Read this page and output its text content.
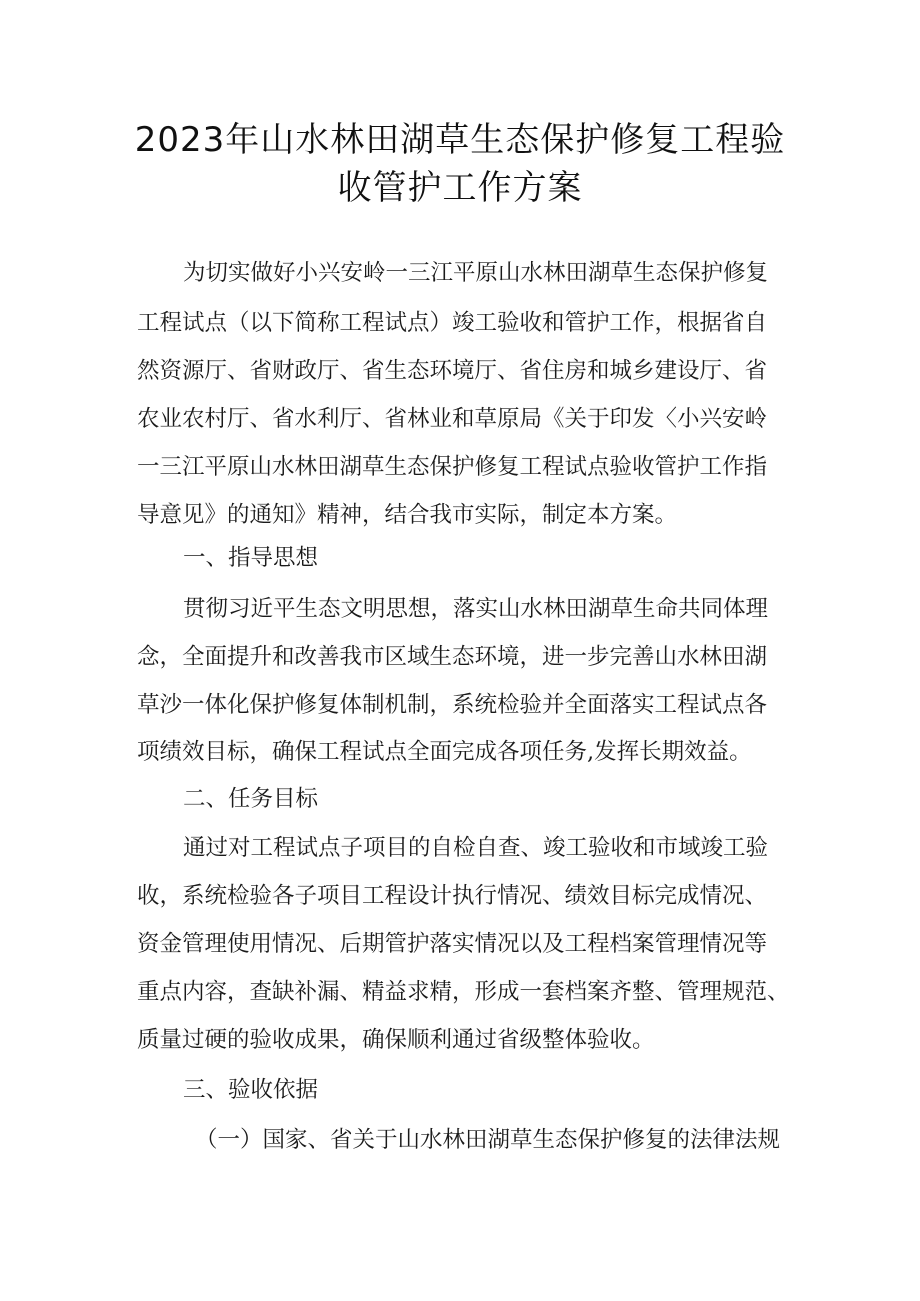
2023年山水林田湖草生态保护修复工程验
收管护工作方案
为切实做好小兴安岭一三江平原山水林田湖草生态保护修复
工程试点（以下简称工程试点）竣工验收和管护工作，根据省自
然资源厅、省财政厅、省生态环境厅、省住房和城乡建设厅、省
农业农村厅、省水利厅、省林业和草原局《关于印发〈小兴安岭
一三江平原山水林田湖草生态保护修复工程试点验收管护工作指
导意见》的通知》精神，结合我市实际，制定本方案。
一、指导思想
贯彻习近平生态文明思想，落实山水林田湖草生命共同体理
念，全面提升和改善我市区域生态环境，进一步完善山水林田湖
草沙一体化保护修复体制机制，系统检验并全面落实工程试点各
项绩效目标，确保工程试点全面完成各项任务,发挥长期效益。
二、任务目标
通过对工程试点子项目的自检自查、竣工验收和市域竣工验
收，系统检验各子项目工程设计执行情况、绩效目标完成情况、
资金管理使用情况、后期管护落实情况以及工程档案管理情况等
重点内容，查缺补漏、精益求精，形成一套档案齐整、管理规范、
质量过硬的验收成果，确保顺利通过省级整体验收。
三、验收依据
（一）国家、省关于山水林田湖草生态保护修复的法律法规
